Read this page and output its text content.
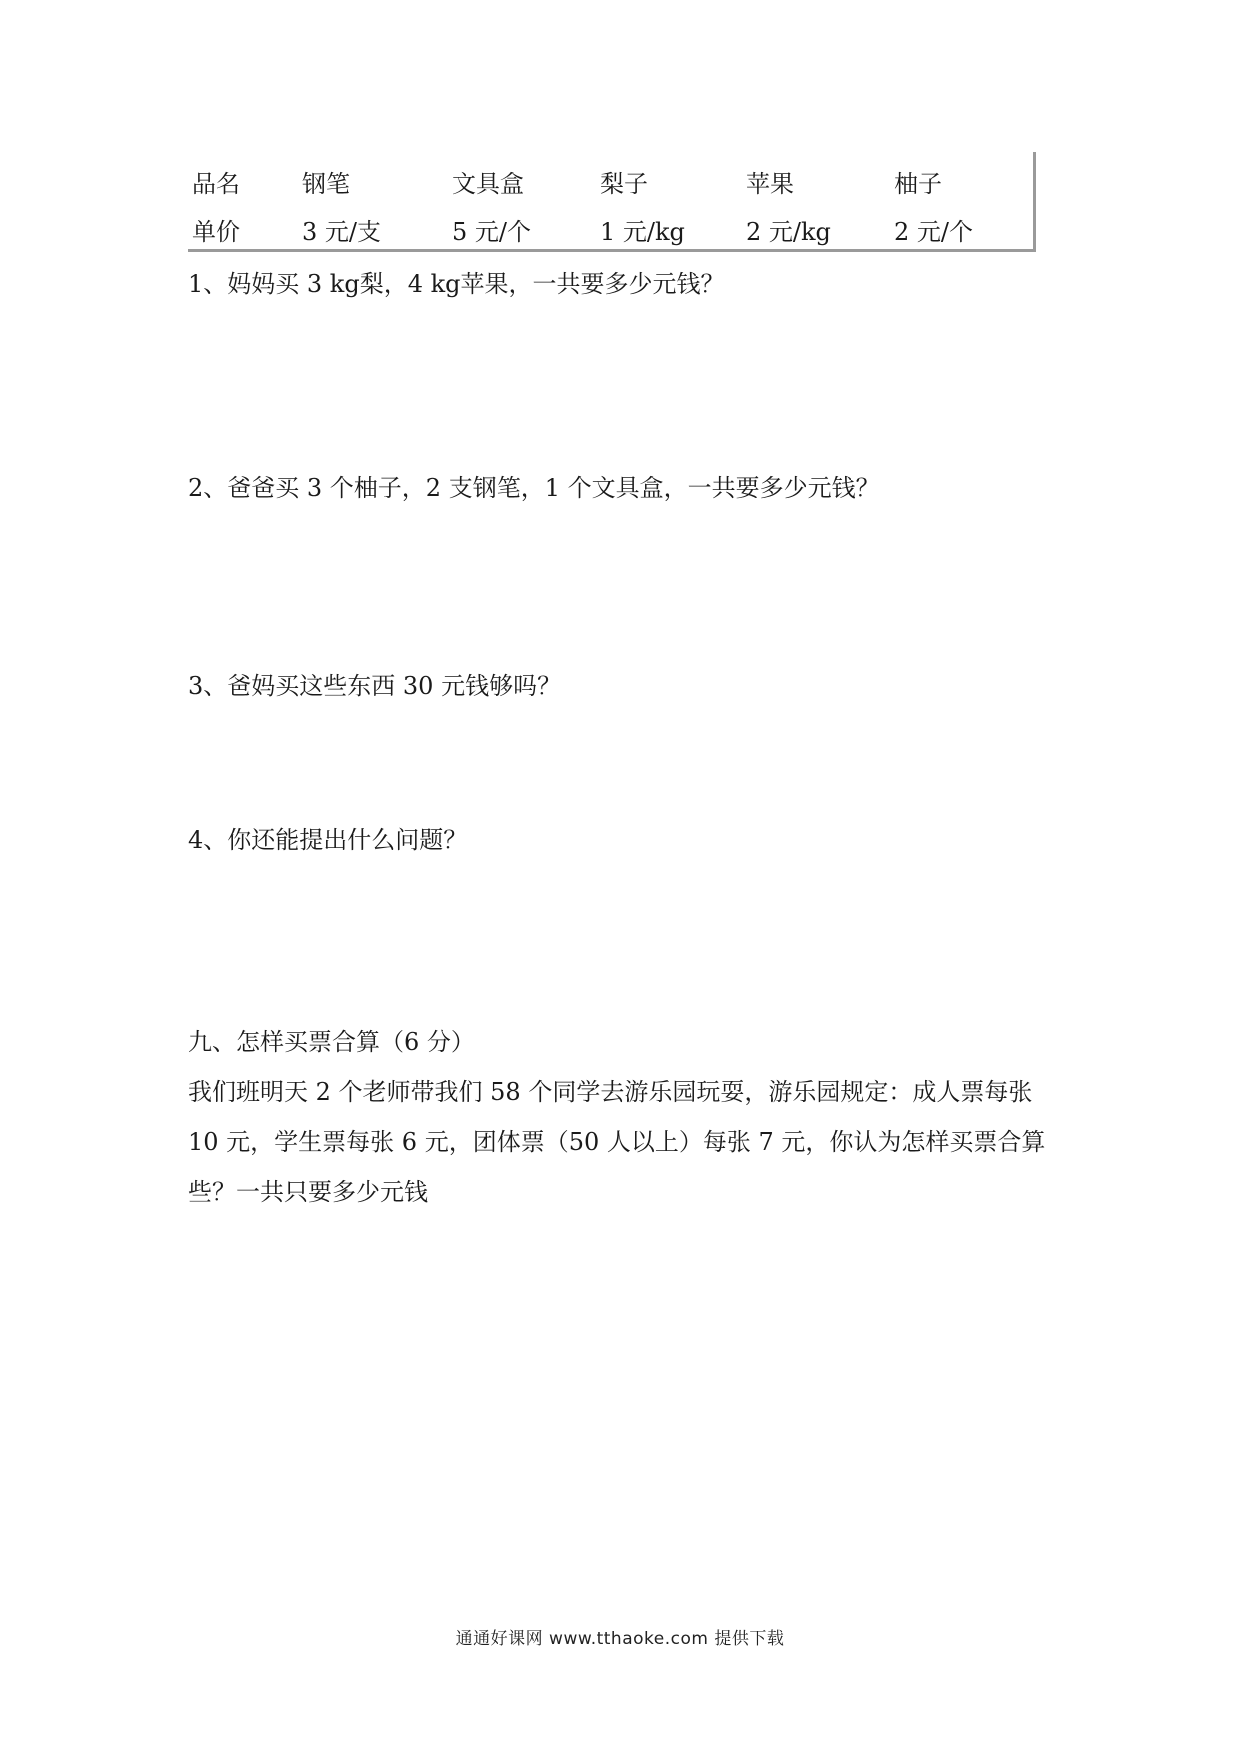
品名	钢笔	文具盒	梨子	苹果	柚子
单价	3 元/支	5 元/个	1 元/kg	2 元/kg	2 元/个
1、妈妈买 3 kg梨，4 kg苹果，一共要多少元钱？
2、爸爸买 3 个柚子，2 支钢笔，1 个文具盒，一共要多少元钱？
3、爸妈买这些东西 30 元钱够吗？
4、你还能提出什么问题？
九、怎样买票合算（6 分）
我们班明天 2 个老师带我们 58 个同学去游乐园玩耍，游乐园规定：成人票每张
10 元，学生票每张 6 元，团体票（50 人以上）每张 7 元，你认为怎样买票合算
些？一共只要多少元钱
通通好课网 www.tthaoke.com 提供下载
